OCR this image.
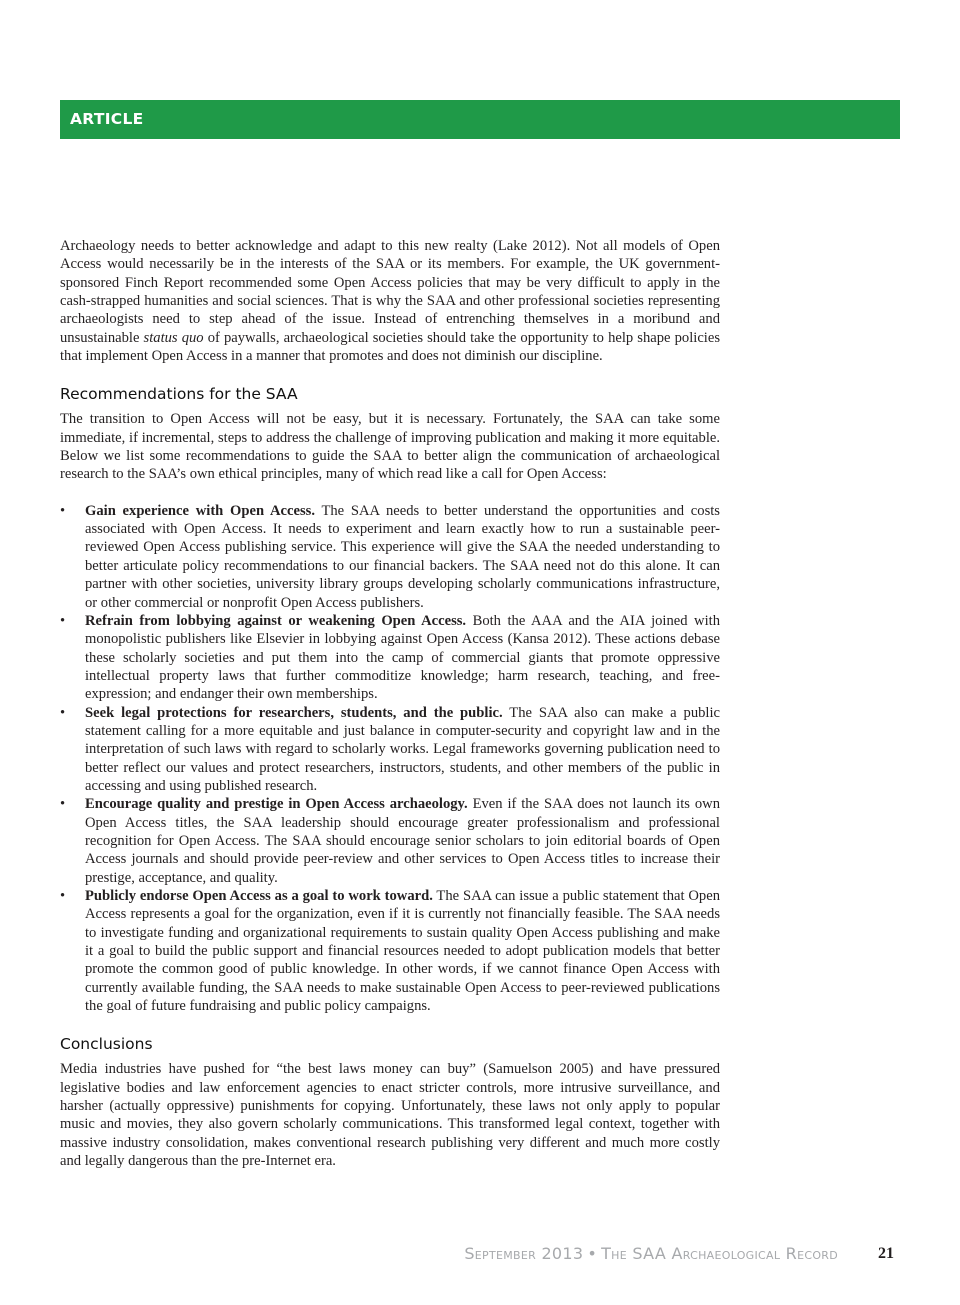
ARTICLE

Archaeology needs to better acknowledge and adapt to this new realty (Lake 2012). Not all models of Open Access would necessarily be in the interests of the SAA or its members. For example, the UK government-sponsored Finch Report recommended some Open Access policies that may be very difficult to apply in the cash-strapped humanities and social sciences. That is why the SAA and other professional societies representing archaeologists need to step ahead of the issue. Instead of entrenching themselves in a moribund and unsustainable status quo of paywalls, archaeological societies should take the opportunity to help shape policies that implement Open Access in a manner that promotes and does not diminish our discipline.

Recommendations for the SAA

The transition to Open Access will not be easy, but it is necessary. Fortunately, the SAA can take some immediate, if incremental, steps to address the challenge of improving publication and making it more equitable. Below we list some recommendations to guide the SAA to better align the communication of archaeological research to the SAA’s own ethical principles, many of which read like a call for Open Access:

• Gain experience with Open Access. The SAA needs to better understand the opportunities and costs associated with Open Access. It needs to experiment and learn exactly how to run a sustainable peer-reviewed Open Access publishing service. This experience will give the SAA the needed understanding to better articulate policy recommendations to our financial backers. The SAA need not do this alone. It can partner with other societies, university library groups developing scholarly communications infrastructure, or other commercial or nonprofit Open Access publishers.

• Refrain from lobbying against or weakening Open Access. Both the AAA and the AIA joined with monopolistic publishers like Elsevier in lobbying against Open Access (Kansa 2012). These actions debase these scholarly societies and put them into the camp of commercial giants that promote oppressive intellectual property laws that further commoditize knowledge; harm research, teaching, and free-expression; and endanger their own memberships.

• Seek legal protections for researchers, students, and the public. The SAA also can make a public statement calling for a more equitable and just balance in computer-security and copyright law and in the interpretation of such laws with regard to scholarly works. Legal frameworks governing publication need to better reflect our values and protect researchers, instructors, students, and other members of the public in accessing and using published research.

• Encourage quality and prestige in Open Access archaeology. Even if the SAA does not launch its own Open Access titles, the SAA leadership should encourage greater professionalism and professional recognition for Open Access. The SAA should encourage senior scholars to join editorial boards of Open Access journals and should provide peer-review and other services to Open Access titles to increase their prestige, acceptance, and quality.

• Publicly endorse Open Access as a goal to work toward. The SAA can issue a public statement that Open Access represents a goal for the organization, even if it is currently not financially feasible. The SAA needs to investigate funding and organizational requirements to sustain quality Open Access publishing and make it a goal to build the public support and financial resources needed to adopt publication models that better promote the common good of public knowledge. In other words, if we cannot finance Open Access with currently available funding, the SAA needs to make sustainable Open Access to peer-reviewed publications the goal of future fundraising and public policy campaigns.

Conclusions

Media industries have pushed for “the best laws money can buy” (Samuelson 2005) and have pressured legislative bodies and law enforcement agencies to enact stricter controls, more intrusive surveillance, and harsher (actually oppressive) punishments for copying. Unfortunately, these laws not only apply to popular music and movies, they also govern scholarly communications. This transformed legal context, together with massive industry consolidation, makes conventional research publishing very different and much more costly and legally dangerous than the pre-Internet era.

September 2013 • The SAA Archaeological Record	21
